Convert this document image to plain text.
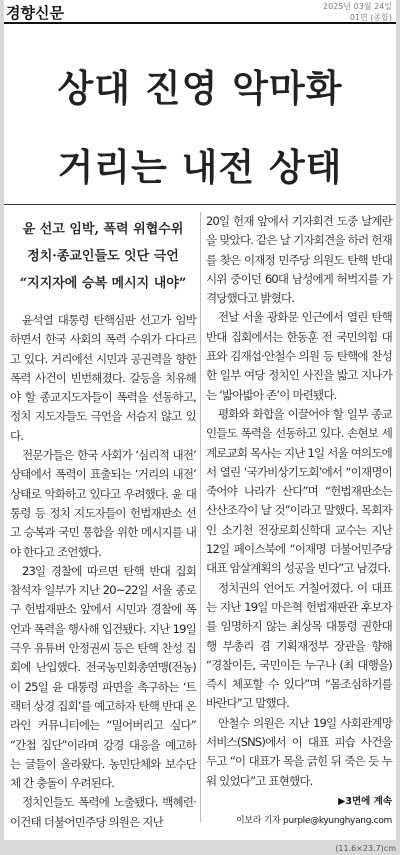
경향신문	2025년 03월 24일
01면 (종합)
상대 진영 악마화
거리는 내전 상태
윤 선고 임박, 폭력 위협수위
정치·종교인들도 잇단 극언
“지지자에 승복 메시지 내야”

윤석열 대통령 탄핵심판 선고가 임박하면서 한국 사회의 폭력 수위가 다다르고 있다. 거리에선 시민과 공권력을 향한 폭력 사건이 빈번해졌다. 갈등을 치유해야 할 종교지도자들이 폭력을 선동하고, 정치 지도자들도 극언을 서슴지 않고 있다.

전문가들은 한국 사회가 ‘심리적 내전’ 상태에서 폭력이 표출되는 ‘거리의 내전’ 상태로 악화하고 있다고 우려했다. 윤 대통령 등 정치 지도자들이 헌법재판소 선고 승복과 국민 통합을 위한 메시지를 내야 한다고 조언했다.

23일 경찰에 따르면 탄핵 반대 집회 참석자 일부가 지난 20~22일 서울 종로구 헌법재판소 앞에서 시민과 경찰에 폭언과 폭력을 행사해 입건됐다. 지난 19일 극우 유튜버 안정권씨 등은 탄핵 찬성 집회에 난입했다. 전국농민회총연맹(전농)이 25일 윤 대통령 파면을 촉구하는 ‘트랙터 상경 집회’를 예고하자 탄핵 반대 온라인 커뮤니티에는 “밀어버리고 싶다” “간첩 집단”이라며 강경 대응을 예고하는 글들이 올라왔다. 농민단체와 보수단체 간 충돌이 우려된다.

정치인들도 폭력에 노출됐다. 백혜련·이건태 더불어민주당 의원은 지난

20일 헌재 앞에서 기자회견 도중 날계란을 맞았다. 같은 날 기자회견을 하러 헌재를 찾은 이재정 민주당 의원도 탄핵 반대 시위 중이던 60대 남성에게 허벅지를 가격당했다고 밝혔다.

전날 서울 광화문 인근에서 열린 탄핵 반대 집회에서는 한동훈 전 국민의힘 대표와 김재섭·안철수 의원 등 탄핵에 찬성한 일부 여당 정치인 사진을 밟고 지나가는 ‘밟아밟아 존’이 마련됐다.

평화와 화합을 이끌어야 할 일부 종교인들도 폭력을 선동하고 있다. 손현보 세계로교회 목사는 지난 1일 서울 여의도에서 열린 ‘국가비상기도회’에서 “이재명이 죽어야 나라가 산다”며 “헌법재판소는 산산조각이 날 것”이라고 말했다. 목회자인 소기천 전장로회신학대 교수는 지난 12일 페이스북에 “이재명 더불어민주당 대표 암살계획의 성공을 빈다”고 남겼다.

정치권의 언어도 거칠어졌다. 이 대표는 지난 19일 마은혁 헌법재판관 후보자를 임명하지 않는 최상목 대통령 권한대행 부총리 겸 기획재정부 장관을 향해 “경찰이든, 국민이든 누구나 (최 대행을) 즉시 체포할 수 있다”며 “몸조심하기를 바란다”고 말했다.

안철수 의원은 지난 19일 사회관계망서비스(SNS)에서 이 대표 피습 사건을 두고 “이 대표가 목을 긁힌 뒤 죽은 듯 누워 있었다”고 표현했다.

▶3면에 계속
이보라 기자 purple@kyunghyang.com
(11.6×23.7)cm
